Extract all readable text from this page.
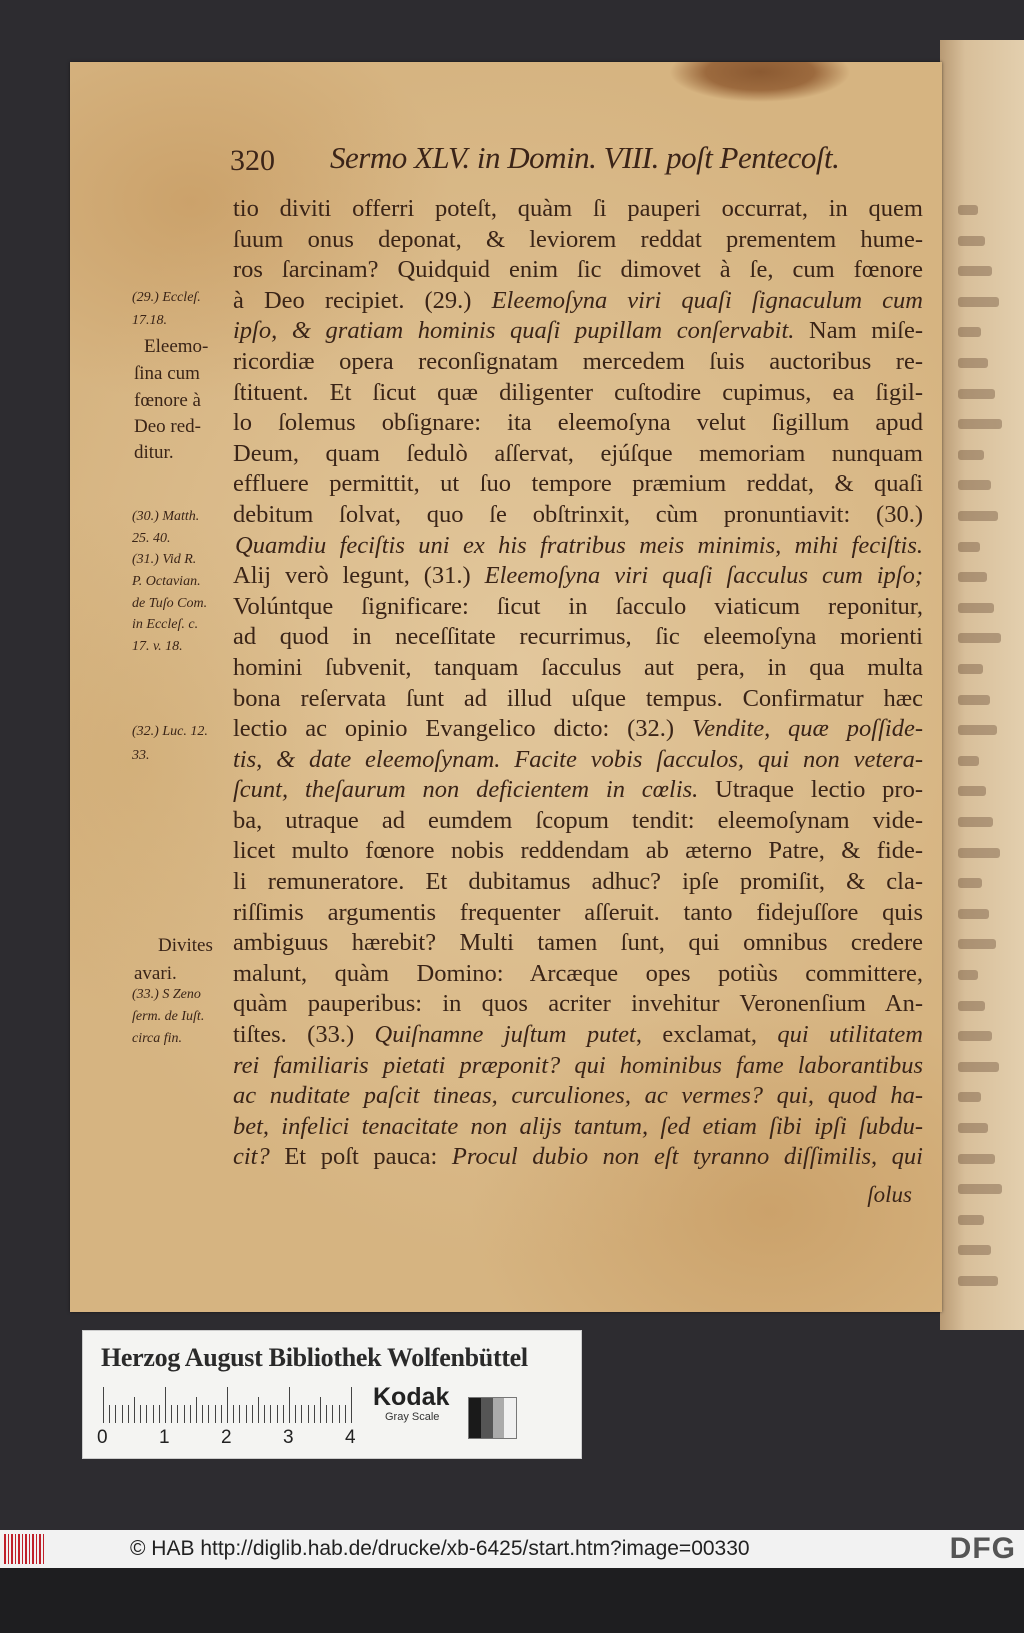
320 Sermo XLV. in Domin. VIII. poſt Pentecoſt.
tio diviti offerri poteſt, quàm ſi pauperi occurrat, in quem
ſuum onus deponat, & leviorem reddat prementem hume-
ros ſarcinam? Quidquid enim ſic dimovet à ſe, cum fœnore
à Deo recipiet. (29.) Eleemoſyna viri quaſi ſignaculum cum
ipſo, & gratiam hominis quaſi pupillam conſervabit. Nam miſe-
ricordiæ opera reconſignatam mercedem ſuis auctoribus re-
ſtituent. Et ſicut quæ diligenter cuſtodire cupimus, ea ſigil-
lo ſolemus obſignare: ita eleemoſyna velut ſigillum apud
Deum, quam ſedulò aſſervat, ejúſque memoriam nunquam
effluere permittit, ut ſuo tempore præmium reddat, & quaſi
debitum ſolvat, quo ſe obſtrinxit, cùm pronuntiavit: (30.)
Quamdiu feciſtis uni ex his fratribus meis minimis, mihi feciſtis.
Alij verò legunt, (31.) Eleemoſyna viri quaſi ſacculus cum ipſo;
Volúntque ſignificare: ſicut in ſacculo viaticum reponitur,
ad quod in neceſſitate recurrimus, ſic eleemoſyna morienti
homini ſubvenit, tanquam ſacculus aut pera, in qua multa
bona reſervata ſunt ad illud uſque tempus. Confirmatur hæc
lectio ac opinio Evangelico dicto: (32.) Vendite, quæ poſſide-
tis, & date eleemoſynam. Facite vobis ſacculos, qui non vetera-
ſcunt, theſaurum non deficientem in cœlis. Utraque lectio pro-
ba, utraque ad eumdem ſcopum tendit: eleemoſynam vide-
licet multo fœnore nobis reddendam ab æterno Patre, & fide-
li remuneratore. Et dubitamus adhuc? ipſe promiſit, & cla-
riſſimis argumentis frequenter aſſeruit. tanto fidejuſſore quis
ambiguus hærebit? Multi tamen ſunt, qui omnibus credere
malunt, quàm Domino: Arcæque opes potiùs committere,
quàm pauperibus: in quos acriter invehitur Veronenſium An-
tiſtes. (33.) Quiſnamne juſtum putet, exclamat, qui utilitatem
rei familiaris pietati præponit? qui hominibus fame laborantibus
ac nuditate paſcit tineas, curculiones, ac vermes? qui, quod ha-
bet, infelici tenacitate non alijs tantum, ſed etiam ſibi ipſi ſubdu-
cit? Et poſt pauca: Procul dubio non eſt tyranno diſſimilis, qui
ſolus
(29.) Eccleſ.
17.18.
Eleemo-
ſina cum
fœnore à
Deo red-
ditur.
(30.) Matth.
25. 40.
(31.) Vid R.
P. Octavian.
de Tuſo Com.
in Eccleſ. c.
17. v. 18.
(32.) Luc. 12.
33.
Divites
avari.
(33.) S Zeno
ſerm. de Iuſt.
circa fin.
Herzog August Bibliothek Wolfenbüttel
0	1	2	3	4
Kodak
Gray Scale
© HAB http://diglib.hab.de/drucke/xb-6425/start.htm?image=00330	DFG
